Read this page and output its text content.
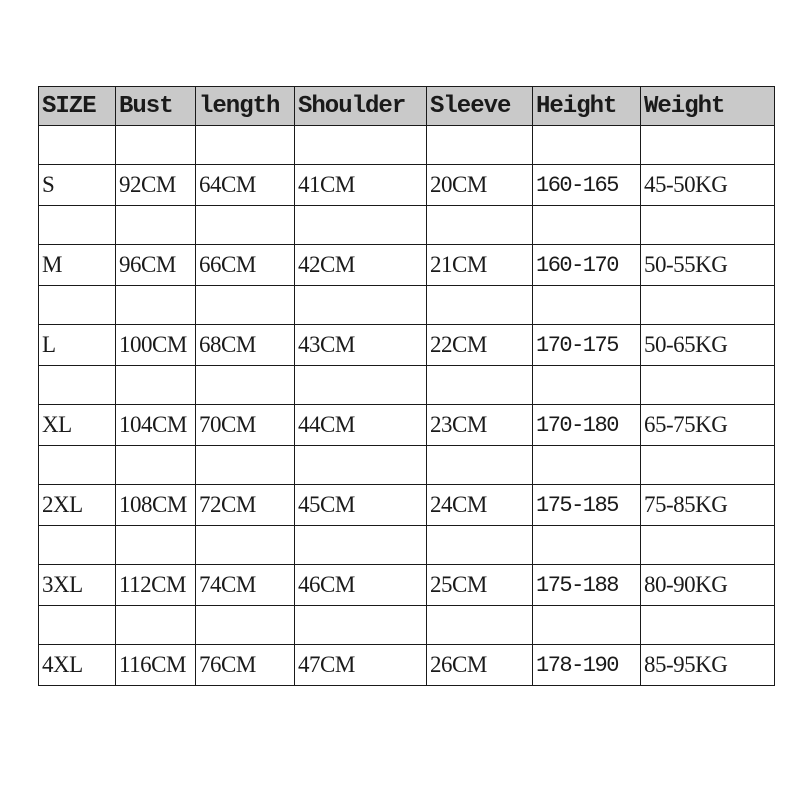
SIZE	Bust	length	Shoulder	Sleeve	Height	Weight

S	92CM	64CM	41CM	20CM	160-165	45-50KG

M	96CM	66CM	42CM	21CM	160-170	50-55KG

L	100CM	68CM	43CM	22CM	170-175	50-65KG

XL	104CM	70CM	44CM	23CM	170-180	65-75KG

2XL	108CM	72CM	45CM	24CM	175-185	75-85KG

3XL	112CM	74CM	46CM	25CM	175-188	80-90KG

4XL	116CM	76CM	47CM	26CM	178-190	85-95KG
